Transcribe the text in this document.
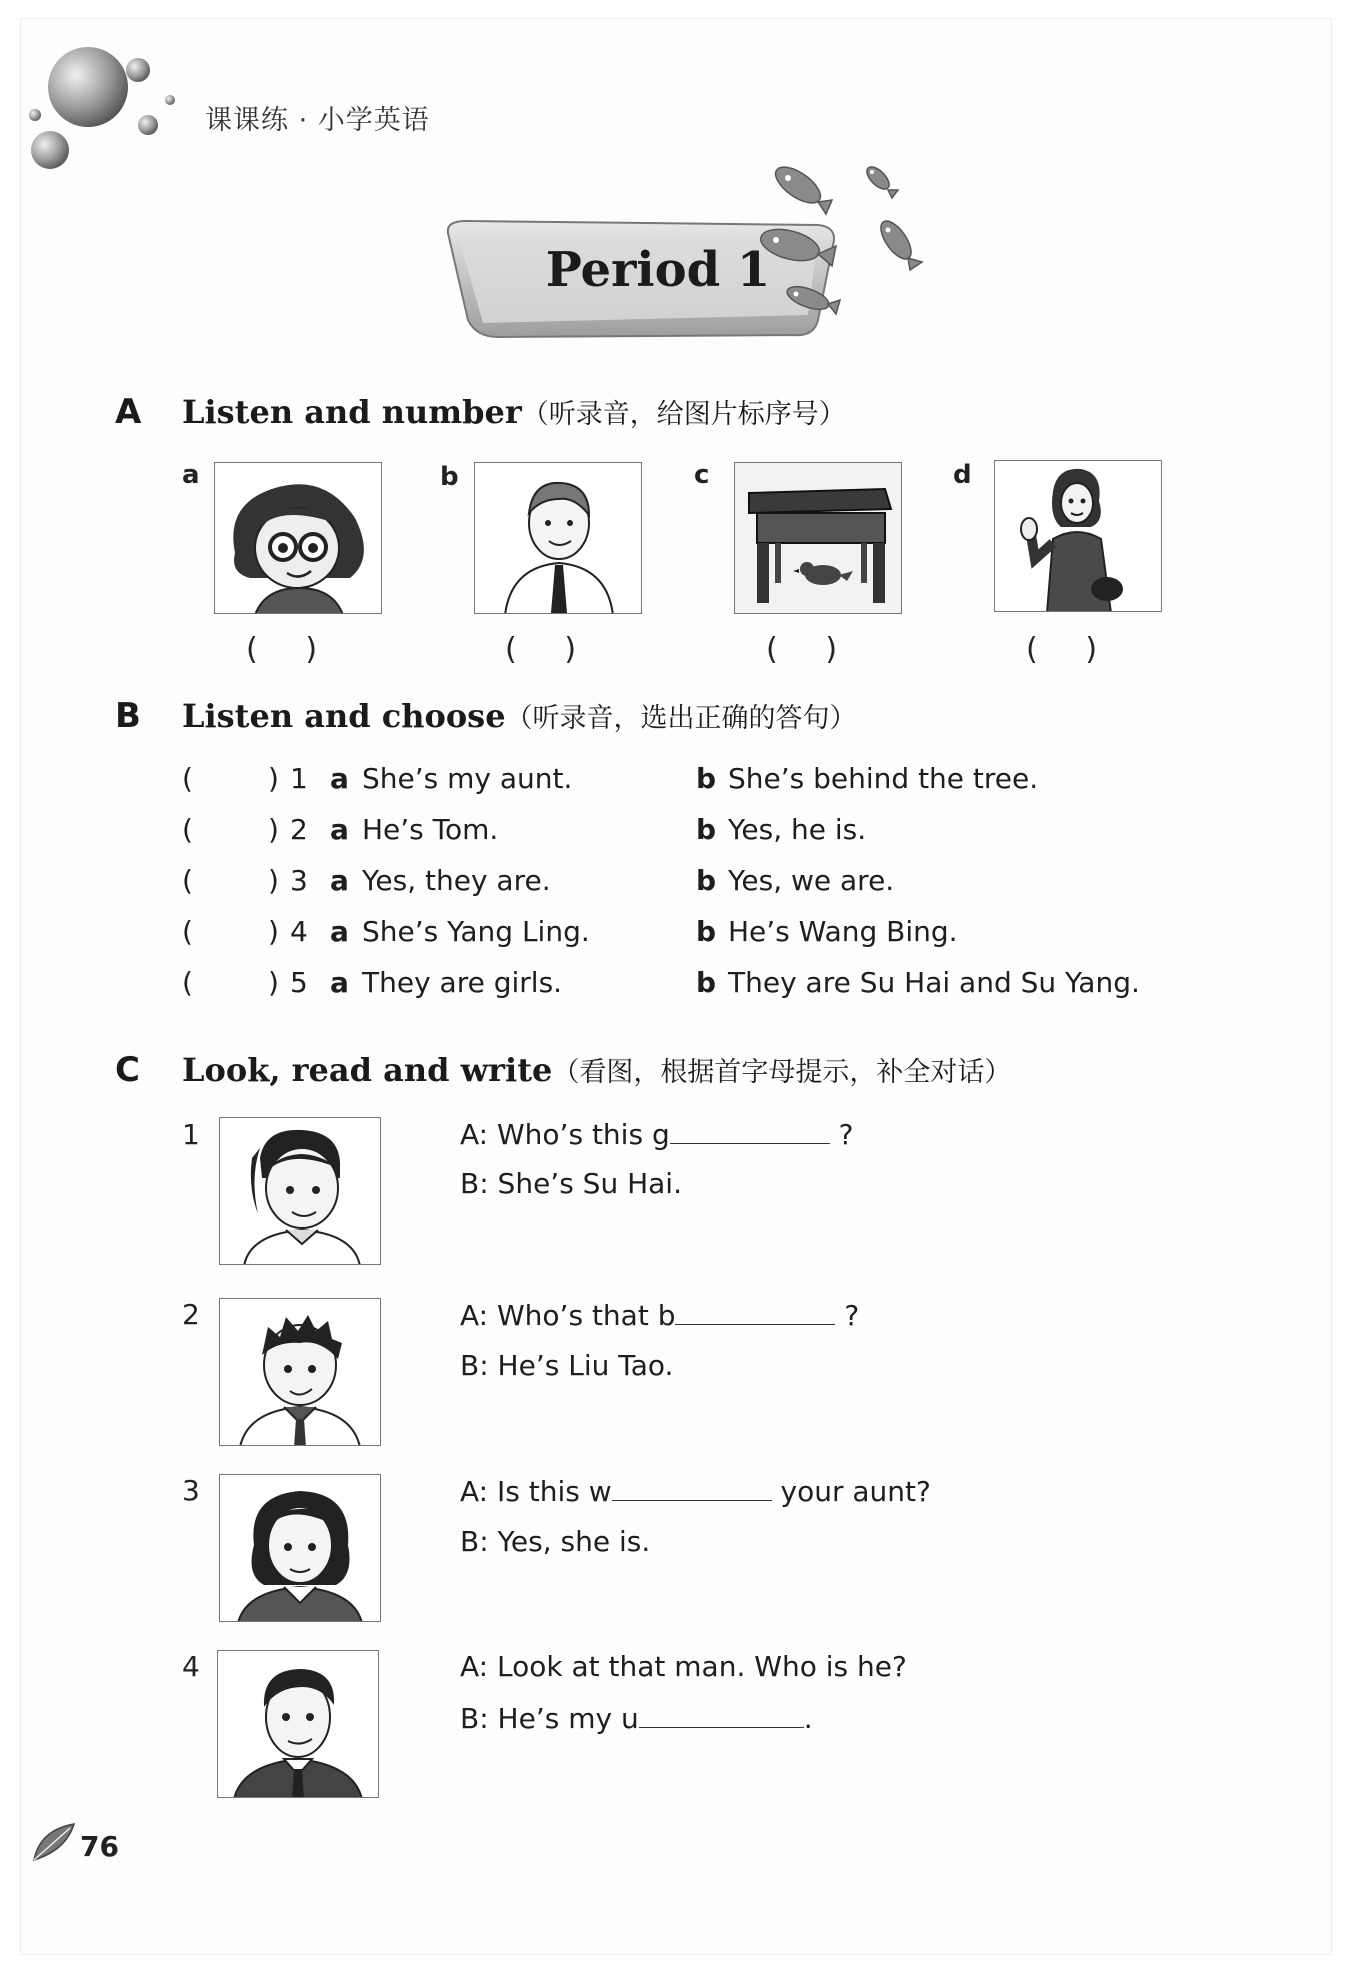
课课练 · 小学英语
Period 1
A Listen and number（听录音，给图片标序号）
a
(     )
b
(     )
c
(     )
d
(     )
B Listen and choose（听录音，选出正确的答句）
(	) 1 a She’s my aunt.	b She’s behind the tree.
(	) 2 a He’s Tom.	b Yes, he is.
(	) 3 a Yes, they are.	b Yes, we are.
(	) 4 a She’s Yang Ling.	b He’s Wang Bing.
(	) 5 a They are girls.	b They are Su Hai and Su Yang.
C Look, read and write（看图，根据首字母提示，补全对话）
1	A: Who’s this g	?
B: She’s Su Hai.
2	A: Who’s that b	?
B: He’s Liu Tao.
3	A: Is this w	your aunt?
B: Yes, she is.
4	A: Look at that man. Who is he?
B: He’s my u	.
76
